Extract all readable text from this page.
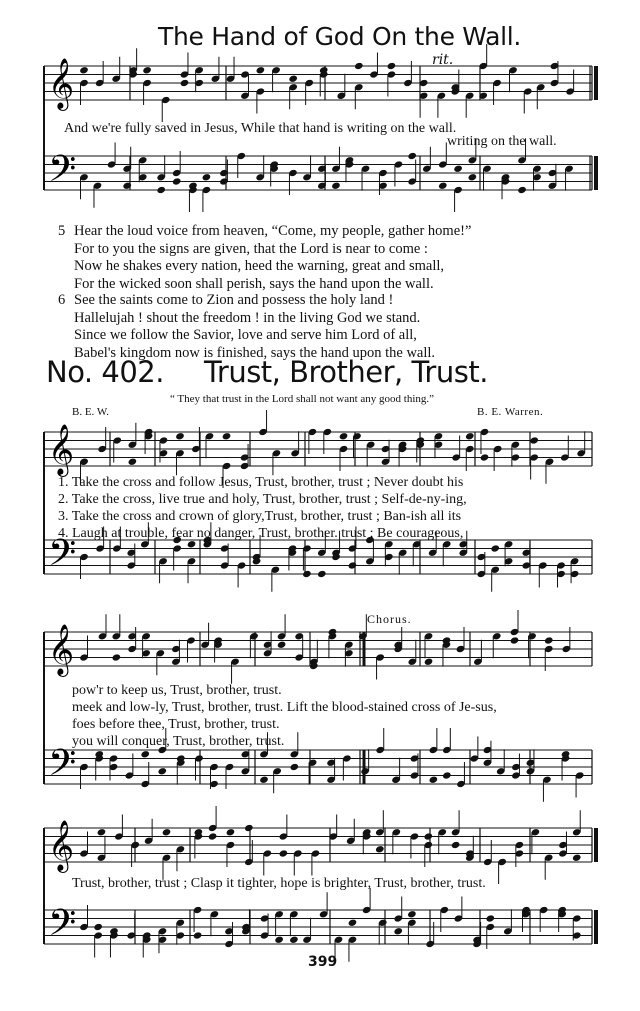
𝄞
𝄢
𝄞
𝄢
𝄞
𝄢
𝄞
𝄢
The Hand of God On the Wall.
rit.
And we're fully saved in Jesus, While that hand is writing on the wall.
writing on the wall.
5 Hear the loud voice from heaven, “Come, my people, gather home!”
For to you the signs are given, that the Lord is near to come :
Now he shakes every nation, heed the warning, great and small,
For the wicked soon shall perish, says the hand upon the wall.
6 See the saints come to Zion and possess the holy land !
Hallelujah ! shout the freedom ! in the living God we stand.
Since we follow the Savior, love and serve him Lord of all,
Babel's kingdom now is finished, says the hand upon the wall.
No. 402. Trust, Brother, Trust.
“ They that trust in the Lord shall not want any good thing.”
B. E. W.	B. E. Warren.
1. Take the cross and follow Jesus, Trust, brother, trust ; Never doubt his
2. Take the cross, live true and holy, Trust, brother, trust ; Self-de-ny-ing,
3. Take the cross and crown of glory,Trust, brother, trust ; Ban-ish all its
4. Laugh at trouble, fear no danger, Trust, brother. trust ; Be courageous,
Chorus.
pow'r to keep us, Trust, brother, trust.
meek and low-ly, Trust, brother, trust. Lift the blood-stained cross of Je-sus,
foes before thee, Trust, brother, trust.
you will conquer, Trust, brother, trust.
Trust, brother, trust ; Clasp it tighter, hope is brighter, Trust, brother, trust.
399
